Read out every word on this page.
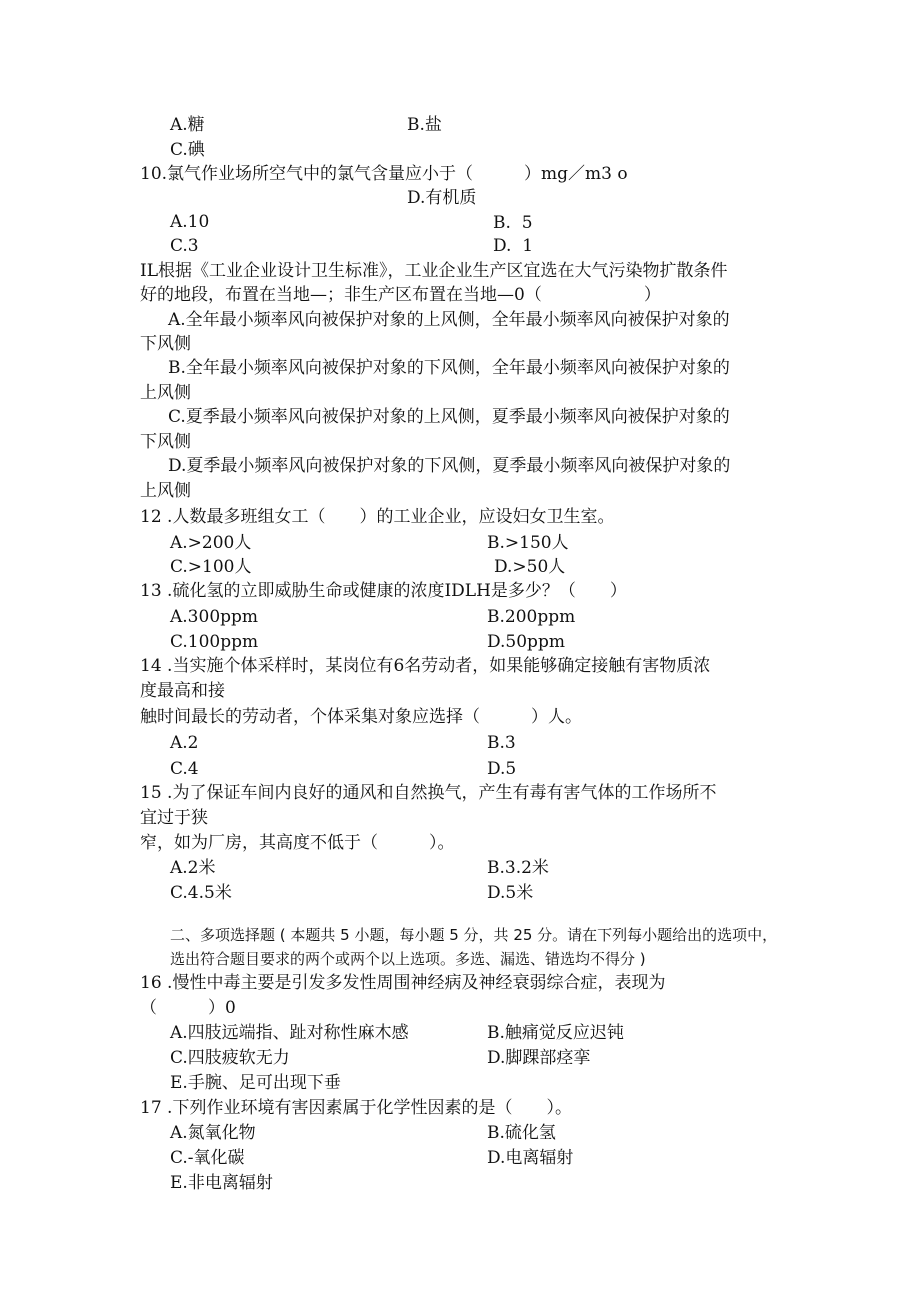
A.糖	B.盐
C.碘
10.氯气作业场所空气中的氯气含量应小于（　　　）mg／m3 o
D.有机质
A.10	B.  5
C.3	D.  1
IL根据《工业企业设计卫生标准》，工业企业生产区宜选在大气污染物扩散条件
好的地段，布置在当地—；非生产区布置在当地—0（　　　　　　）
A.全年最小频率风向被保护对象的上风侧，全年最小频率风向被保护对象的
下风侧
B.全年最小频率风向被保护对象的下风侧，全年最小频率风向被保护对象的
上风侧
C.夏季最小频率风向被保护对象的上风侧，夏季最小频率风向被保护对象的
下风侧
D.夏季最小频率风向被保护对象的下风侧，夏季最小频率风向被保护对象的
上风侧
12 .人数最多班组女工（　　）的工业企业，应设妇女卫生室。
A.>200人	B.>150人
C.>100人	D.>50人
13 .硫化氢的立即威胁生命或健康的浓度IDLH是多少？（　　）
A.300ppm	B.200ppm
C.100ppm	D.50ppm
14 .当实施个体采样时，某岗位有6名劳动者，如果能够确定接触有害物质浓
度最高和接
触时间最长的劳动者，个体采集对象应选择（　　　）人。
A.2	B.3
C.4	D.5
15 .为了保证车间内良好的通风和自然换气，产生有毒有害气体的工作场所不
宜过于狭
窄，如为厂房，其高度不低于（　　　）。
A.2米	B.3.2米
C.4.5米	D.5米
二、多项选择题 ( 本题共 5 小题，每小题 5 分，共 25 分。请在下列每小题给出的选项中，
选出符合题目要求的两个或两个以上选项。多选、漏选、错选均不得分 )
16 .慢性中毒主要是引发多发性周围神经病及神经衰弱综合症，表现为
（　　　）0
A.四肢远端指、趾对称性麻木感	B.触痛觉反应迟钝
C.四肢疲软无力	D.脚踝部痉挛
E.手腕、足可出现下垂
17 .下列作业环境有害因素属于化学性因素的是（　　）。
A.氮氧化物	B.硫化氢
C.-氧化碳	D.电离辐射
E.非电离辐射
